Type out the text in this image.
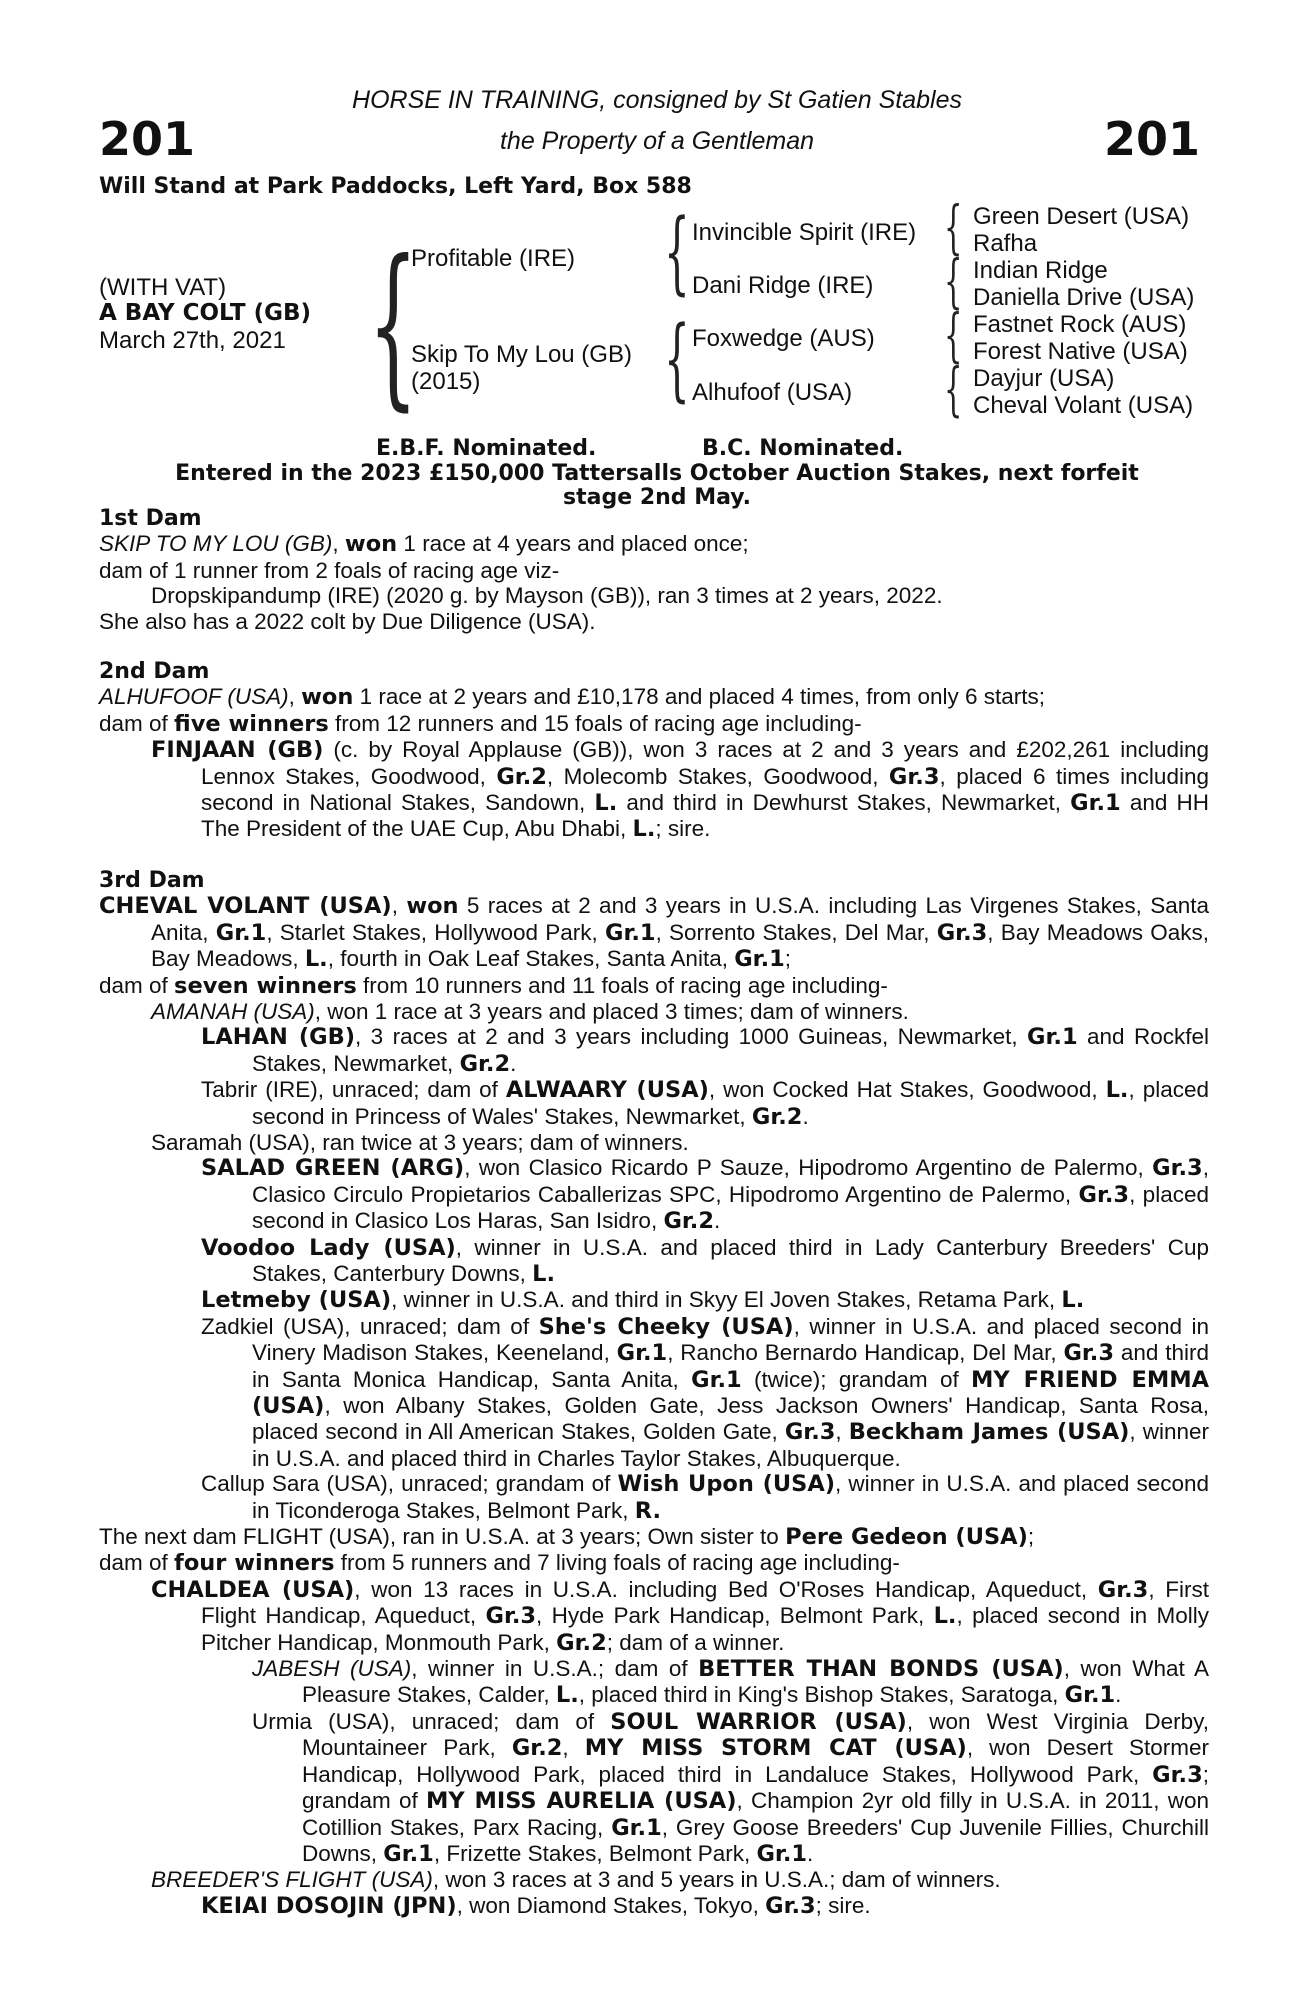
201	201
HORSE IN TRAINING, consigned by St Gatien Stables
the Property of a Gentleman
Will Stand at Park Paddocks, Left Yard, Box 588
(WITH VAT)
A BAY COLT (GB)
March 27th, 2021 {
Profitable (IRE)
Skip To My Lou (GB)
(2015)
{
{
Invincible Spirit (IRE)
Dani Ridge (IRE)
Foxwedge (AUS)
Alhufoof (USA)
{
{
{
{
Green Desert (USA)
Rafha
Indian Ridge
Daniella Drive (USA)
Fastnet Rock (AUS)
Forest Native (USA)
Dayjur (USA)
Cheval Volant (USA)
E.B.F. Nominated.	B.C. Nominated.
Entered in the 2023 £150,000 Tattersalls October Auction Stakes, next forfeit
stage 2nd May.

1st Dam

SKIP TO MY LOU (GB), won 1 race at 4 years and placed once;

dam of 1 runner from 2 foals of racing age viz-

Dropskipandump (IRE) (2020 g. by Mayson (GB)), ran 3 times at 2 years, 2022.

She also has a 2022 colt by Due Diligence (USA).

2nd Dam

ALHUFOOF (USA), won 1 race at 2 years and £10,178 and placed 4 times, from only 6 starts;

dam of five winners from 12 runners and 15 foals of racing age including-

FINJAAN (GB) (c. by Royal Applause (GB)), won 3 races at 2 and 3 years and £202,261 including Lennox Stakes, Goodwood, Gr.2, Molecomb Stakes, Goodwood, Gr.3, placed 6 times including second in National Stakes, Sandown, L. and third in Dewhurst Stakes, Newmarket, Gr.1 and HH The President of the UAE Cup, Abu Dhabi, L.; sire.

3rd Dam

CHEVAL VOLANT (USA), won 5 races at 2 and 3 years in U.S.A. including Las Virgenes Stakes, Santa Anita, Gr.1, Starlet Stakes, Hollywood Park, Gr.1, Sorrento Stakes, Del Mar, Gr.3, Bay Meadows Oaks, Bay Meadows, L., fourth in Oak Leaf Stakes, Santa Anita, Gr.1;

dam of seven winners from 10 runners and 11 foals of racing age including-

AMANAH (USA), won 1 race at 3 years and placed 3 times; dam of winners.

LAHAN (GB), 3 races at 2 and 3 years including 1000 Guineas, Newmarket, Gr.1 and Rockfel Stakes, Newmarket, Gr.2.

Tabrir (IRE), unraced; dam of ALWAARY (USA), won Cocked Hat Stakes, Goodwood, L., placed second in Princess of Wales' Stakes, Newmarket, Gr.2.

Saramah (USA), ran twice at 3 years; dam of winners.

SALAD GREEN (ARG), won Clasico Ricardo P Sauze, Hipodromo Argentino de Palermo, Gr.3, Clasico Circulo Propietarios Caballerizas SPC, Hipodromo Argentino de Palermo, Gr.3, placed second in Clasico Los Haras, San Isidro, Gr.2.

Voodoo Lady (USA), winner in U.S.A. and placed third in Lady Canterbury Breeders' Cup Stakes, Canterbury Downs, L.

Letmeby (USA), winner in U.S.A. and third in Skyy El Joven Stakes, Retama Park, L.

Zadkiel (USA), unraced; dam of She's Cheeky (USA), winner in U.S.A. and placed second in Vinery Madison Stakes, Keeneland, Gr.1, Rancho Bernardo Handicap, Del Mar, Gr.3 and third in Santa Monica Handicap, Santa Anita, Gr.1 (twice); grandam of MY FRIEND EMMA (USA), won Albany Stakes, Golden Gate, Jess Jackson Owners' Handicap, Santa Rosa, placed second in All American Stakes, Golden Gate, Gr.3, Beckham James (USA), winner in U.S.A. and placed third in Charles Taylor Stakes, Albuquerque.

Callup Sara (USA), unraced; grandam of Wish Upon (USA), winner in U.S.A. and placed second in Ticonderoga Stakes, Belmont Park, R.

The next dam FLIGHT (USA), ran in U.S.A. at 3 years; Own sister to Pere Gedeon (USA);

dam of four winners from 5 runners and 7 living foals of racing age including-

CHALDEA (USA), won 13 races in U.S.A. including Bed O'Roses Handicap, Aqueduct, Gr.3, First Flight Handicap, Aqueduct, Gr.3, Hyde Park Handicap, Belmont Park, L., placed second in Molly Pitcher Handicap, Monmouth Park, Gr.2; dam of a winner.

JABESH (USA), winner in U.S.A.; dam of BETTER THAN BONDS (USA), won What A Pleasure Stakes, Calder, L., placed third in King's Bishop Stakes, Saratoga, Gr.1.

Urmia (USA), unraced; dam of SOUL WARRIOR (USA), won West Virginia Derby, Mountaineer Park, Gr.2, MY MISS STORM CAT (USA), won Desert Stormer Handicap, Hollywood Park, placed third in Landaluce Stakes, Hollywood Park, Gr.3; grandam of MY MISS AURELIA (USA), Champion 2yr old filly in U.S.A. in 2011, won Cotillion Stakes, Parx Racing, Gr.1, Grey Goose Breeders' Cup Juvenile Fillies, Churchill Downs, Gr.1, Frizette Stakes, Belmont Park, Gr.1.

BREEDER'S FLIGHT (USA), won 3 races at 3 and 5 years in U.S.A.; dam of winners.

KEIAI DOSOJIN (JPN), won Diamond Stakes, Tokyo, Gr.3; sire.
